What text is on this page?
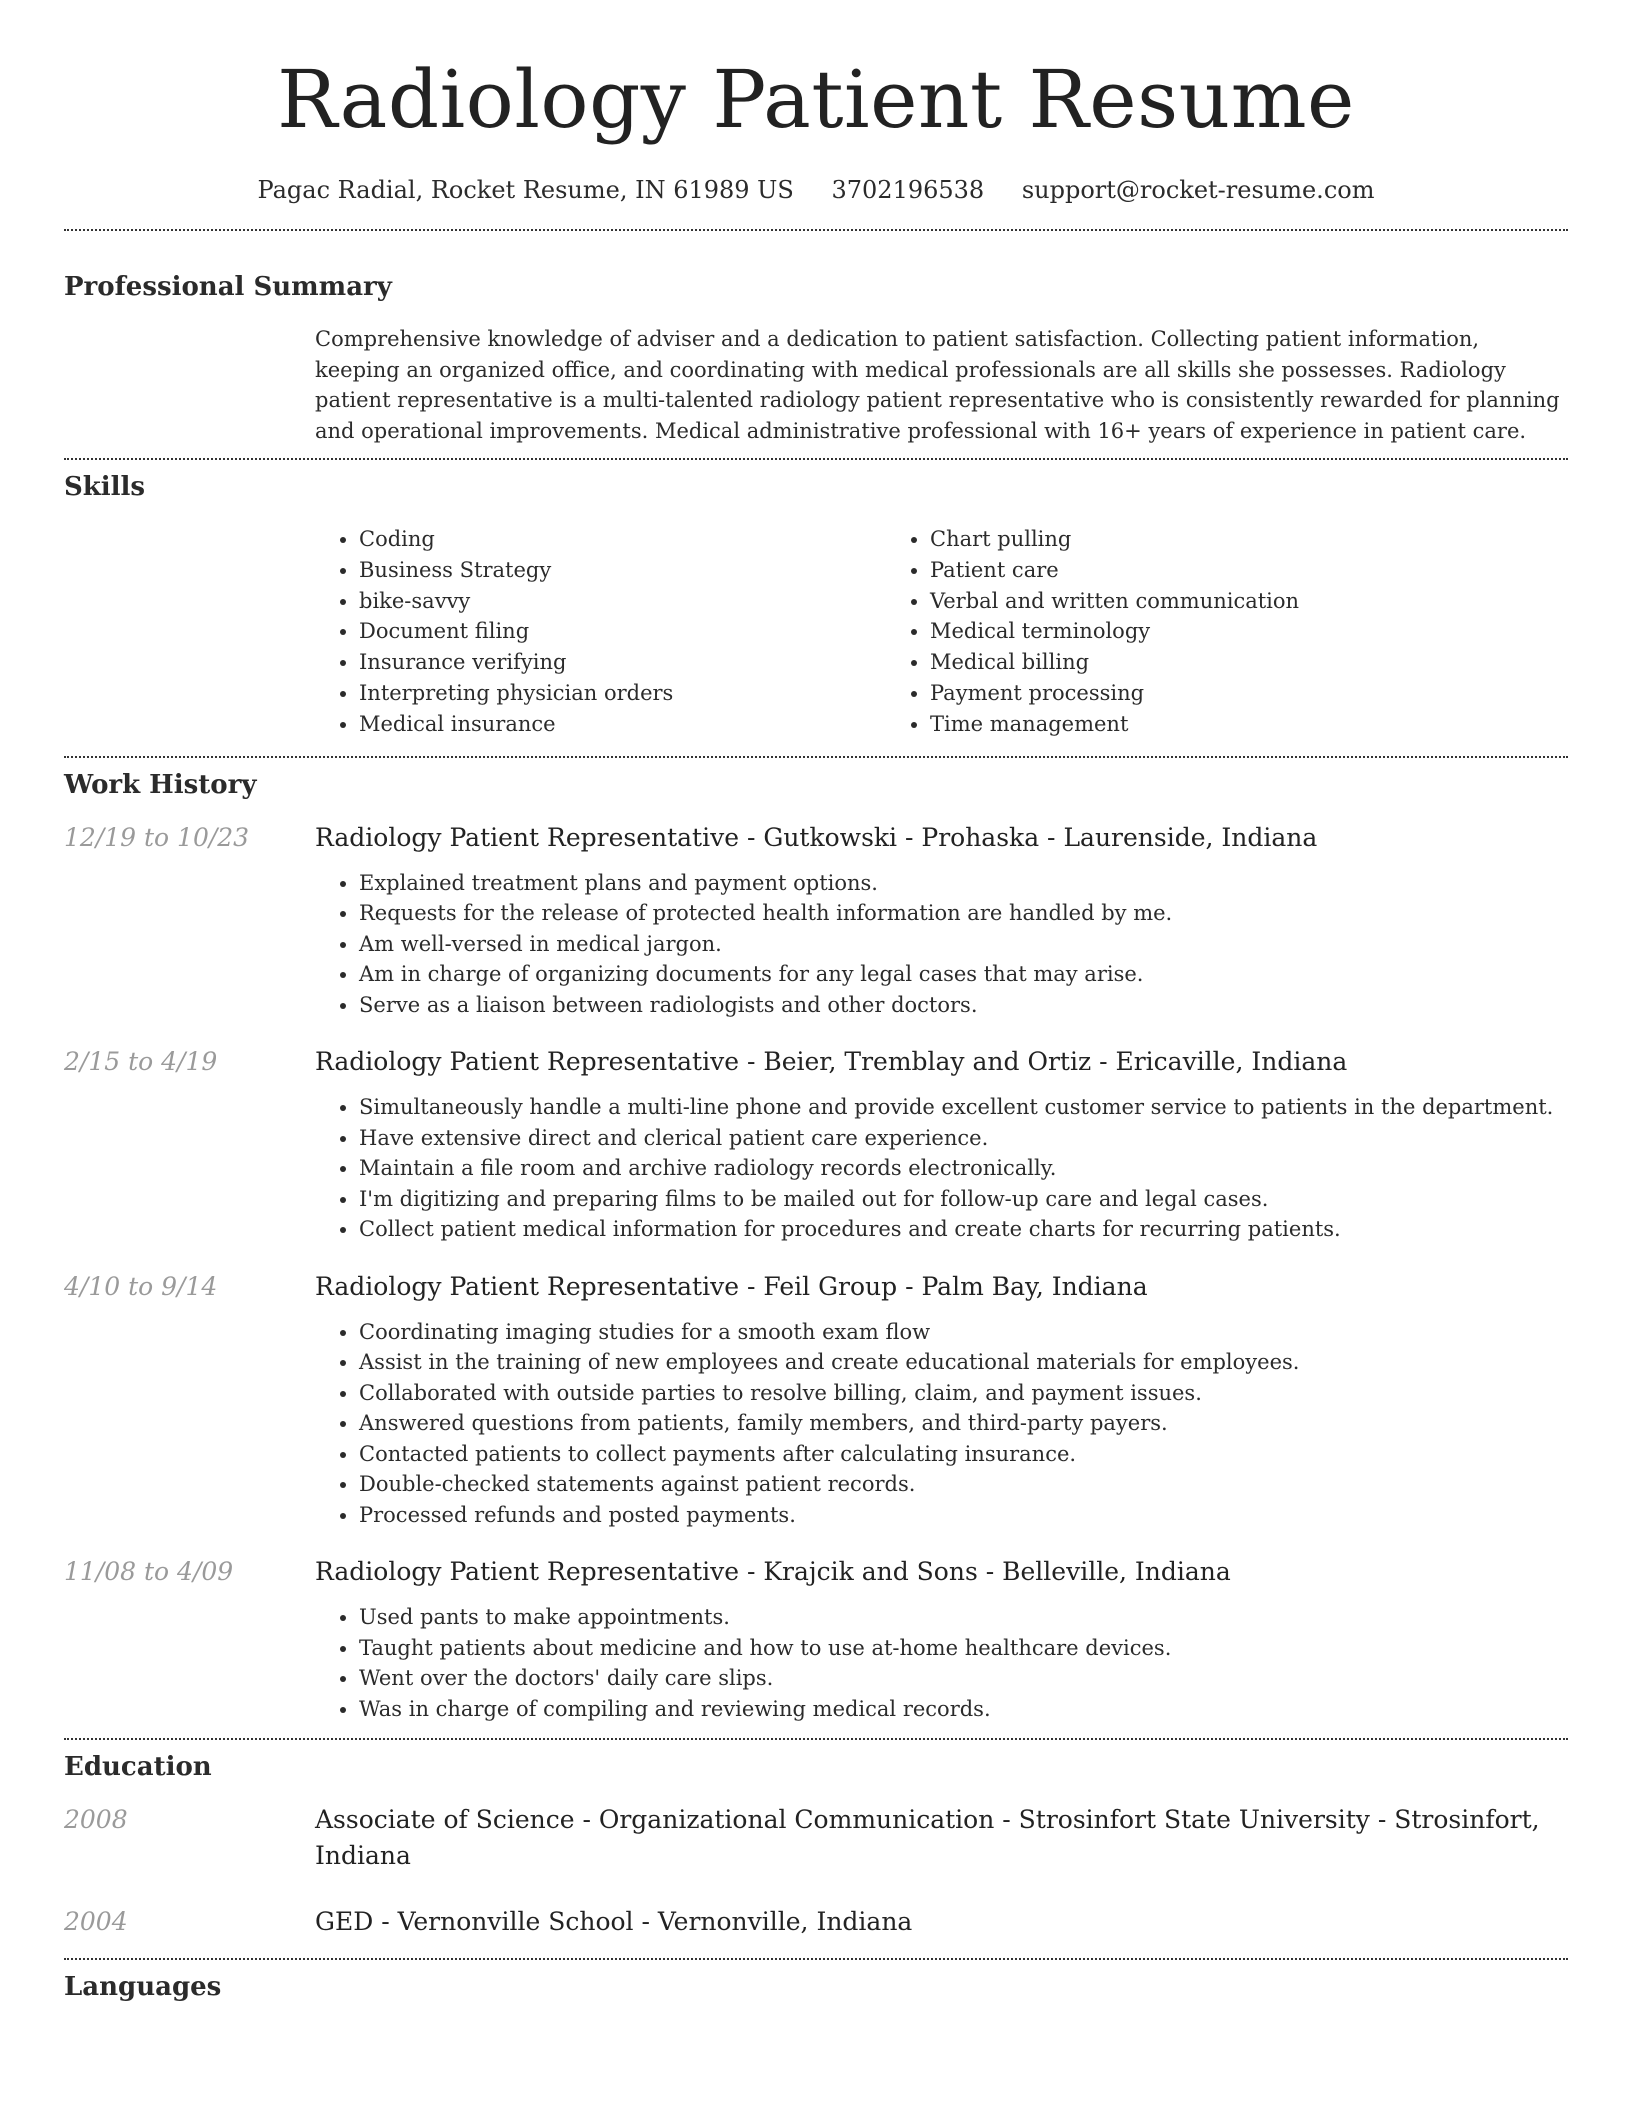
Radiology Patient Resume
Pagac Radial, Rocket Resume, IN 61989 US 3702196538 support@rocket-resume.com
Professional Summary
Comprehensive knowledge of adviser and a dedication to patient satisfaction. Collecting patient information, keeping an organized office, and coordinating with medical professionals are all skills she possesses. Radiology patient representative is a multi-talented radiology patient representative who is consistently rewarded for planning and operational improvements. Medical administrative professional with 16+ years of experience in patient care.
Skills
• Coding
• Business Strategy
• bike-savvy
• Document filing
• Insurance verifying
• Interpreting physician orders
• Medical insurance
• Chart pulling
• Patient care
• Verbal and written communication
• Medical terminology
• Medical billing
• Payment processing
• Time management
Work History
12/19 to 10/23	Radiology Patient Representative - Gutkowski - Prohaska - Laurenside, Indiana
• Explained treatment plans and payment options.
• Requests for the release of protected health information are handled by me.
• Am well-versed in medical jargon.
• Am in charge of organizing documents for any legal cases that may arise.
• Serve as a liaison between radiologists and other doctors.
2/15 to 4/19	Radiology Patient Representative - Beier, Tremblay and Ortiz - Ericaville, Indiana
• Simultaneously handle a multi-line phone and provide excellent customer service to patients in the department.
• Have extensive direct and clerical patient care experience.
• Maintain a file room and archive radiology records electronically.
• I'm digitizing and preparing films to be mailed out for follow-up care and legal cases.
• Collect patient medical information for procedures and create charts for recurring patients.
4/10 to 9/14	Radiology Patient Representative - Feil Group - Palm Bay, Indiana
• Coordinating imaging studies for a smooth exam flow
• Assist in the training of new employees and create educational materials for employees.
• Collaborated with outside parties to resolve billing, claim, and payment issues.
• Answered questions from patients, family members, and third-party payers.
• Contacted patients to collect payments after calculating insurance.
• Double-checked statements against patient records.
• Processed refunds and posted payments.
11/08 to 4/09	Radiology Patient Representative - Krajcik and Sons - Belleville, Indiana
• Used pants to make appointments.
• Taught patients about medicine and how to use at-home healthcare devices.
• Went over the doctors' daily care slips.
• Was in charge of compiling and reviewing medical records.
Education
2008	Associate of Science - Organizational Communication - Strosinfort State University - Strosinfort, Indiana
2004	GED - Vernonville School - Vernonville, Indiana
Languages
